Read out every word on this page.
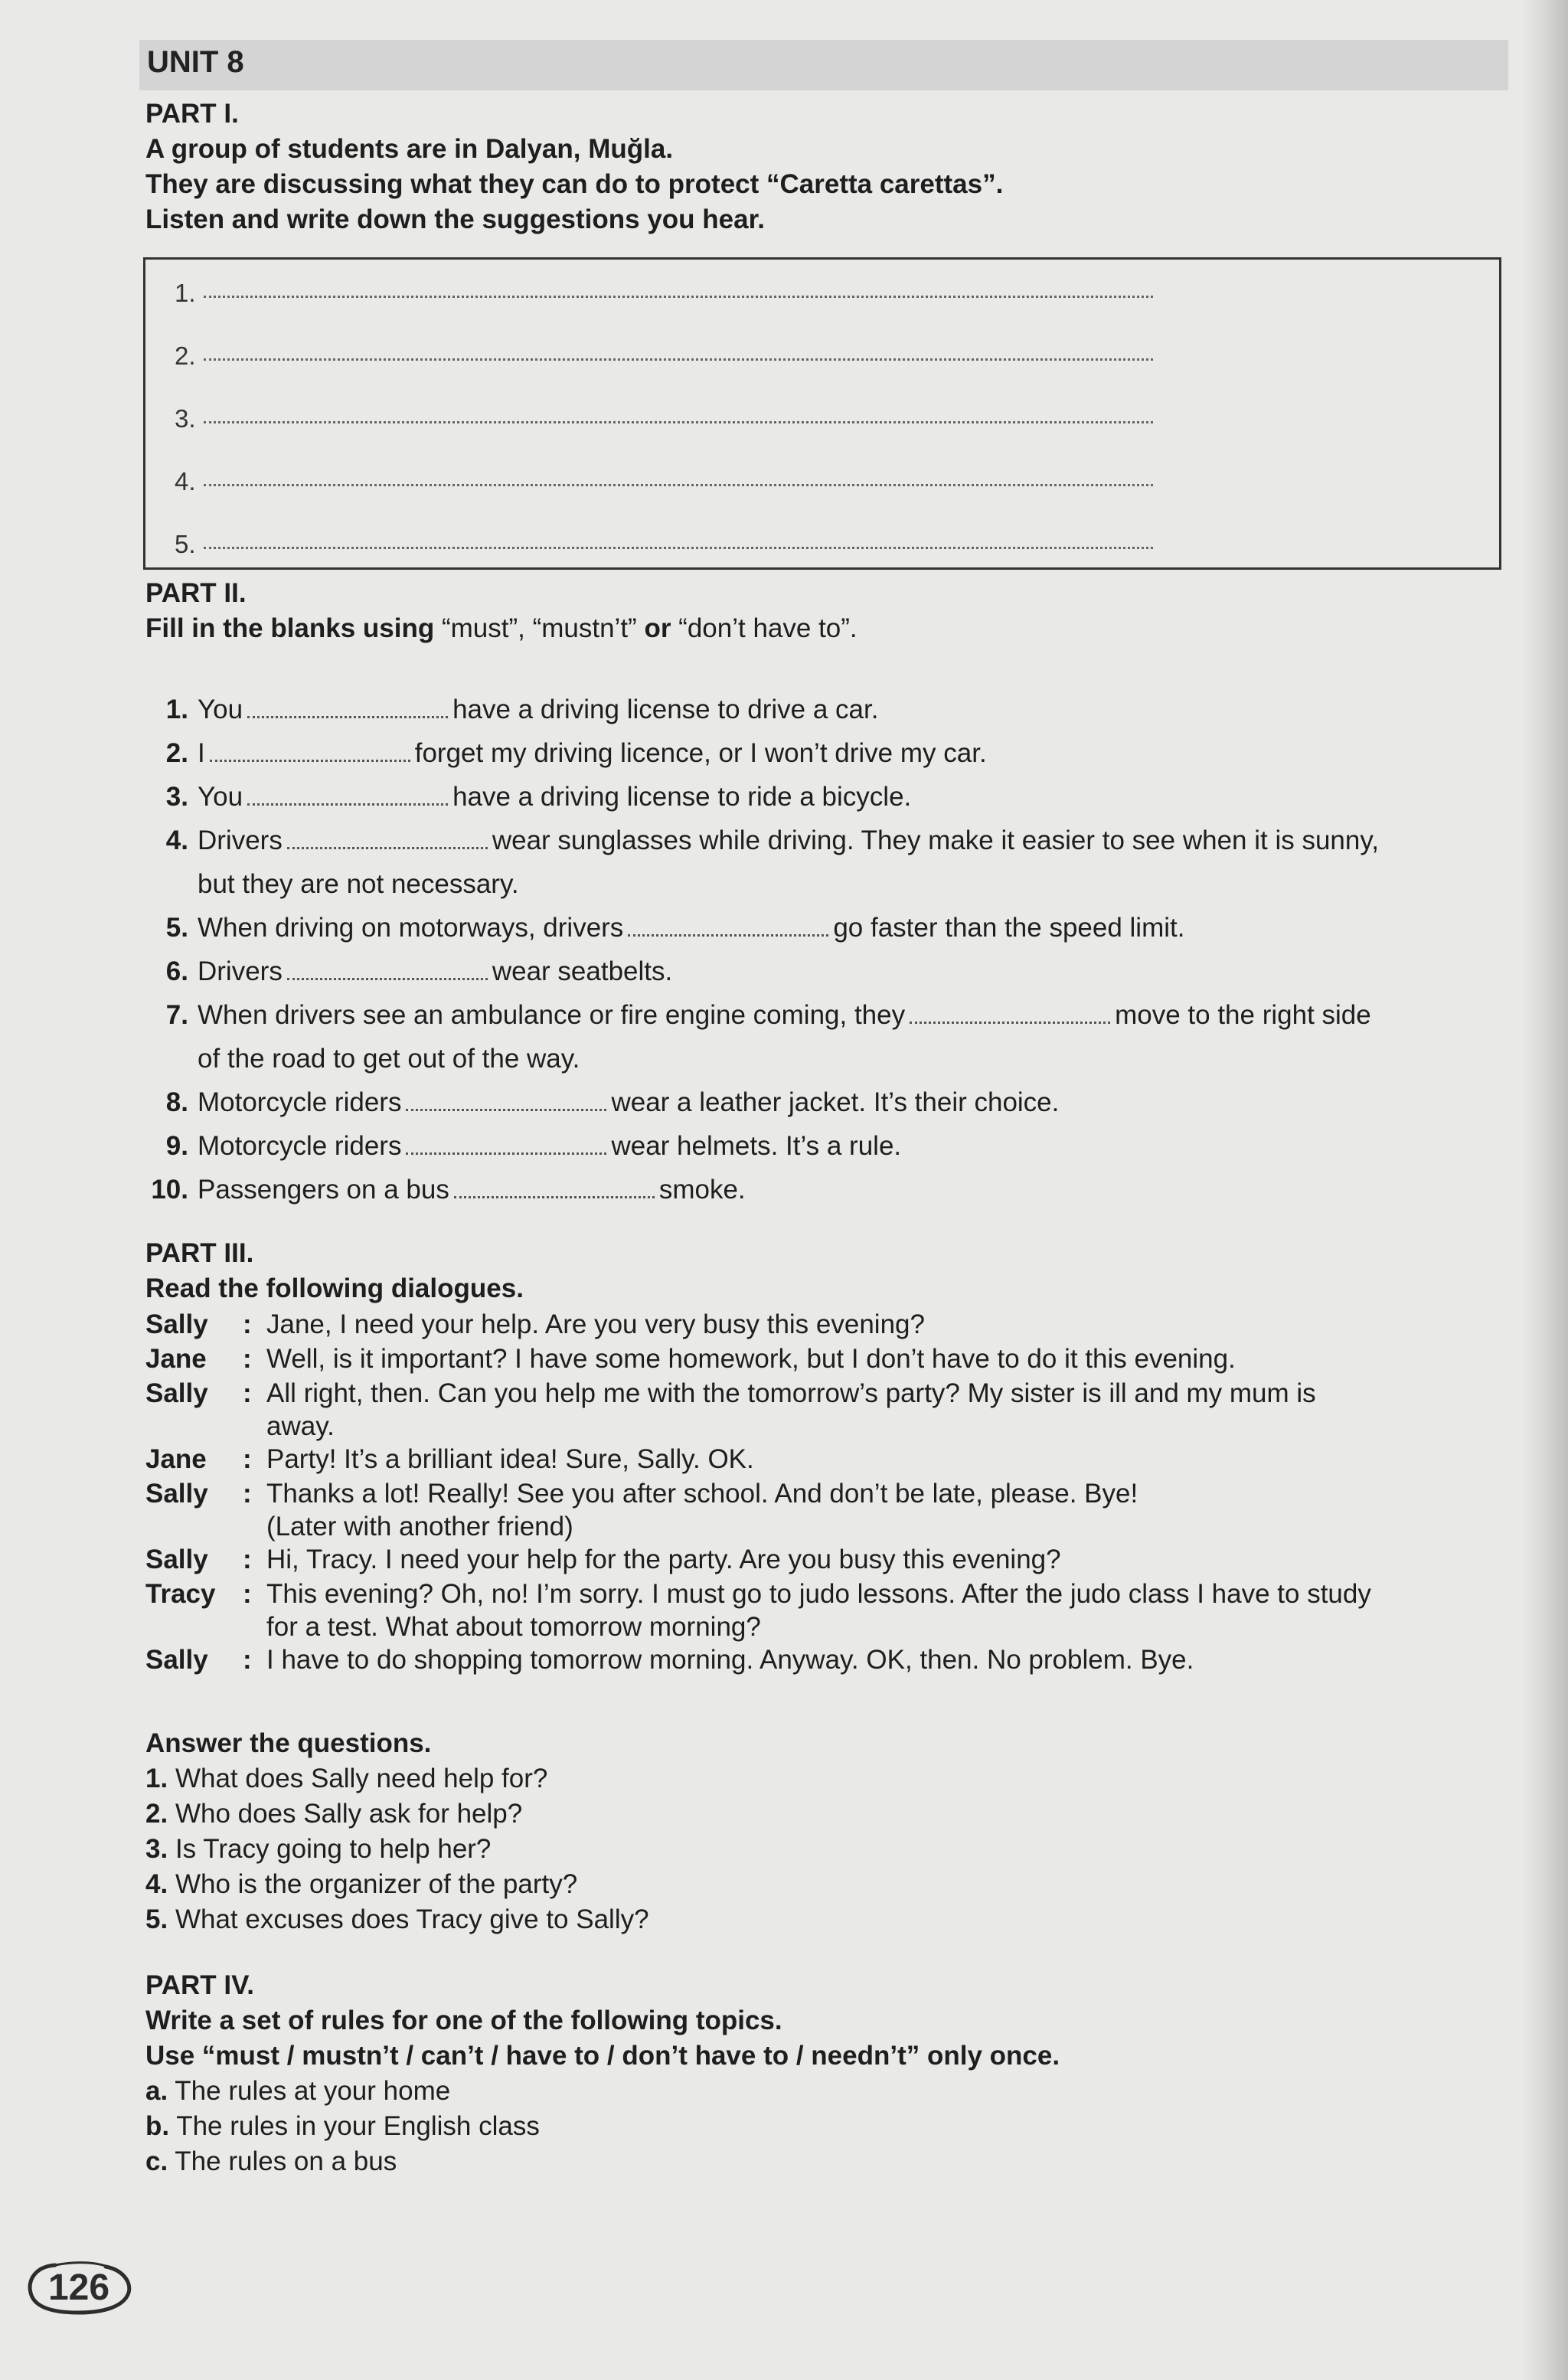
UNIT 8

PART I.

A group of students are in Dalyan, Muğla.

They are discussing what they can do to protect “Caretta carettas”.

Listen and write down the suggestions you hear.

1.
2.
3.
4.
5.

PART II.

Fill in the blanks using “must”, “mustn’t” or “don’t have to”.

1. You	have a driving license to drive a car.
2. I	forget my driving licence, or I won’t drive my car.
3. You	have a driving license to ride a bicycle.
4. Drivers	wear sunglasses while driving. They make it easier to see when it is sunny,
but they are not necessary.
5. When driving on motorways, drivers	go faster than the speed limit.
6. Drivers	wear seatbelts.
7. When drivers see an ambulance or fire engine coming, they	move to the right side
of the road to get out of the way.
8. Motorcycle riders	wear a leather jacket. It’s their choice.
9. Motorcycle riders	wear helmets. It’s a rule.
10. Passengers on a bus	smoke.

PART III.

Read the following dialogues.

Sally : Jane, I need your help. Are you very busy this evening?
Jane : Well, is it important? I have some homework, but I don’t have to do it this evening.
Sally : All right, then. Can you help me with the tomorrow’s party? My sister is ill and my mum is
away.
Jane : Party! It’s a brilliant idea! Sure, Sally. OK.
Sally : Thanks a lot! Really! See you after school. And don’t be late, please. Bye!
(Later with another friend)
Sally : Hi, Tracy. I need your help for the party. Are you busy this evening?
Tracy : This evening? Oh, no! I’m sorry. I must go to judo lessons. After the judo class I have to study
for a test. What about tomorrow morning?
Sally : I have to do shopping tomorrow morning. Anyway. OK, then. No problem. Bye.

Answer the questions.

1. What does Sally need help for?
2. Who does Sally ask for help?
3. Is Tracy going to help her?
4. Who is the organizer of the party?
5. What excuses does Tracy give to Sally?

PART IV.

Write a set of rules for one of the following topics.

Use “must / mustn’t / can’t / have to / don’t have to / needn’t” only once.

a. The rules at your home
b. The rules in your English class
c. The rules on a bus
126
